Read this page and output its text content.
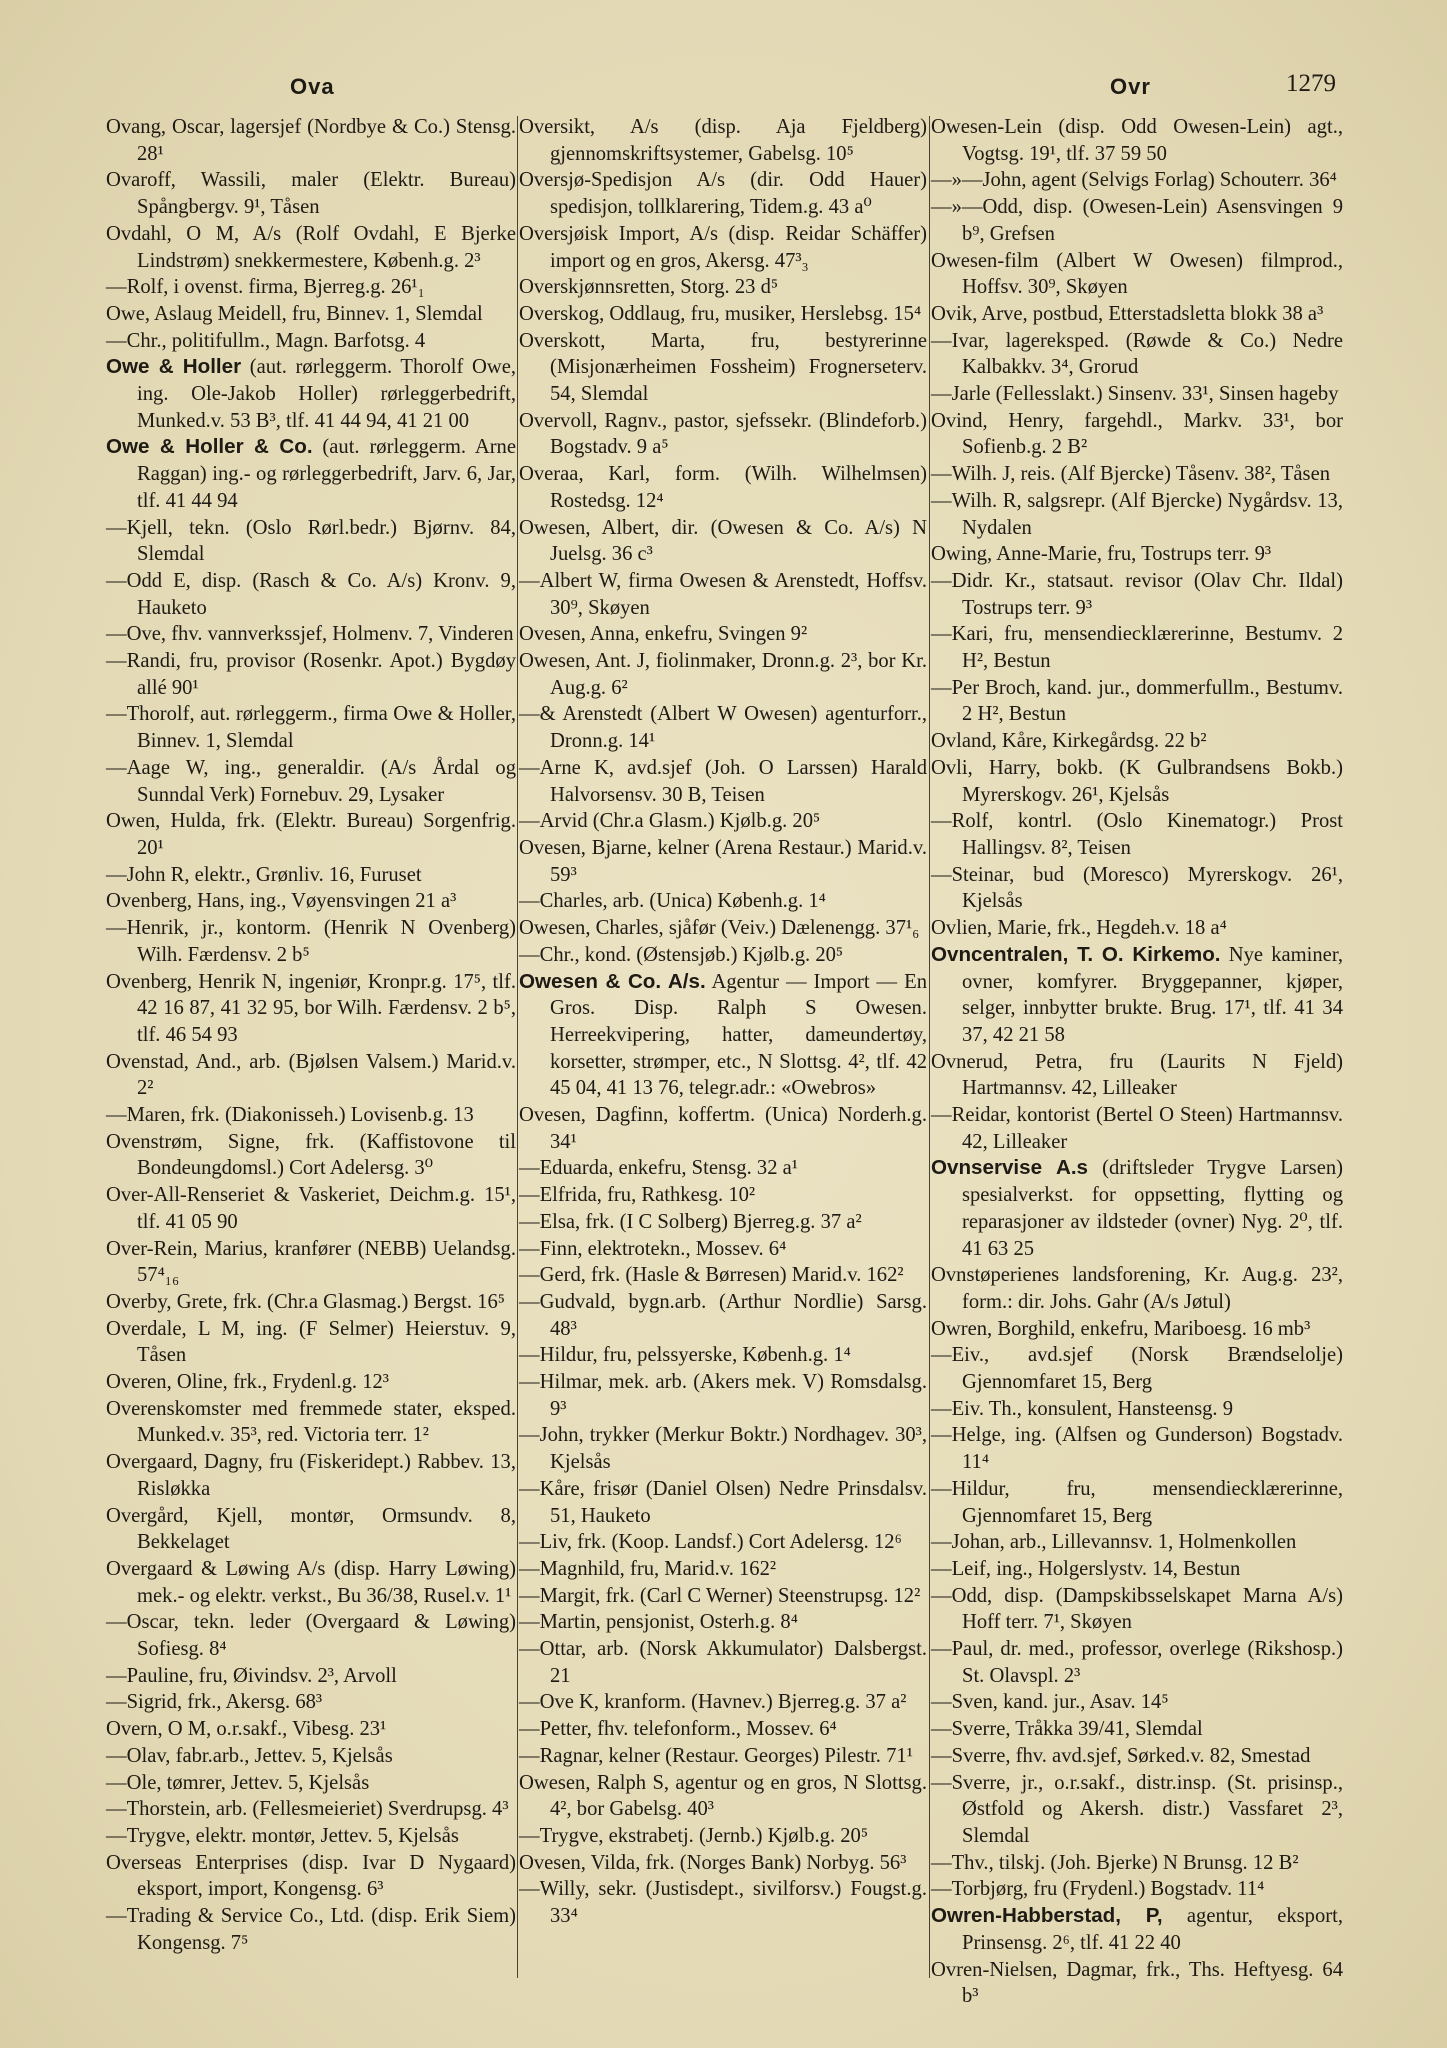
Ova	Ovr	1279
Ovang, Oscar, lagersjef (Nordbye & Co.) Stensg. 28¹
Ovaroff, Wassili, maler (Elektr. Bureau) Spångbergv. 9¹, Tåsen
Ovdahl, O M, A/s (Rolf Ovdahl, E Bjerke Lindstrøm) snekkermestere, Københ.g. 2³
—Rolf, i ovenst. firma, Bjerreg.g. 26¹₁
Owe, Aslaug Meidell, fru, Binnev. 1, Slemdal
—Chr., politifullm., Magn. Barfotsg. 4
Owe & Holler (aut. rørleggerm. Thorolf Owe, ing. Ole-Jakob Holler) rørleggerbedrift, Munked.v. 53 B³, tlf. 41 44 94, 41 21 00
Owe & Holler & Co. (aut. rørleggerm. Arne Raggan) ing.- og rørleggerbedrift, Jarv. 6, Jar, tlf. 41 44 94
—Kjell, tekn. (Oslo Rørl.bedr.) Bjørnv. 84, Slemdal
—Odd E, disp. (Rasch & Co. A/s) Kronv. 9, Hauketo
—Ove, fhv. vannverkssjef, Holmenv. 7, Vinderen
—Randi, fru, provisor (Rosenkr. Apot.) Bygdøy allé 90¹
—Thorolf, aut. rørleggerm., firma Owe & Holler, Binnev. 1, Slemdal
—Aage W, ing., generaldir. (A/s Årdal og Sunndal Verk) Fornebuv. 29, Lysaker
Owen, Hulda, frk. (Elektr. Bureau) Sorgenfrig. 20¹
—John R, elektr., Grønliv. 16, Furuset
Ovenberg, Hans, ing., Vøyensvingen 21 a³
—Henrik, jr., kontorm. (Henrik N Ovenberg) Wilh. Færdensv. 2 b⁵
Ovenberg, Henrik N, ingeniør, Kronpr.g. 17⁵, tlf. 42 16 87, 41 32 95, bor Wilh. Færdensv. 2 b⁵, tlf. 46 54 93
Ovenstad, And., arb. (Bjølsen Valsem.) Marid.v. 2²
—Maren, frk. (Diakonisseh.) Lovisenb.g. 13
Ovenstrøm, Signe, frk. (Kaffistovone til Bondeungdomsl.) Cort Adelersg. 3⁰
Over-All-Renseriet & Vaskeriet, Deichm.g. 15¹, tlf. 41 05 90
Over-Rein, Marius, kranfører (NEBB) Uelandsg. 57⁴₁₆
Overby, Grete, frk. (Chr.a Glasmag.) Bergst. 16⁵
Overdale, L M, ing. (F Selmer) Heierstuv. 9, Tåsen
Overen, Oline, frk., Frydenl.g. 12³
Overenskomster med fremmede stater, eksped. Munked.v. 35³, red. Victoria terr. 1²
Overgaard, Dagny, fru (Fiskeridept.) Rabbev. 13, Risløkka
Overgård, Kjell, montør, Ormsundv. 8, Bekkelaget
Overgaard & Løwing A/s (disp. Harry Løwing) mek.- og elektr. verkst., Bu 36/38, Rusel.v. 1¹
—Oscar, tekn. leder (Overgaard & Løwing) Sofiesg. 8⁴
—Pauline, fru, Øivindsv. 2³, Arvoll
—Sigrid, frk., Akersg. 68³
Overn, O M, o.r.sakf., Vibesg. 23¹
—Olav, fabr.arb., Jettev. 5, Kjelsås
—Ole, tømrer, Jettev. 5, Kjelsås
—Thorstein, arb. (Fellesmeieriet) Sverdrupsg. 4³
—Trygve, elektr. montør, Jettev. 5, Kjelsås
Overseas Enterprises (disp. Ivar D Nygaard) eksport, import, Kongensg. 6³
—Trading & Service Co., Ltd. (disp. Erik Siem) Kongensg. 7⁵
Oversikt, A/s (disp. Aja Fjeldberg) gjennomskriftsystemer, Gabelsg. 10⁵
Oversjø-Spedisjon A/s (dir. Odd Hauer) spedisjon, tollklarering, Tidem.g. 43 a⁰
Oversjøisk Import, A/s (disp. Reidar Schäffer) import og en gros, Akersg. 47³₃
Overskjønnsretten, Storg. 23 d⁵
Overskog, Oddlaug, fru, musiker, Herslebsg. 15⁴
Overskott, Marta, fru, bestyrerinne (Misjonærheimen Fossheim) Frognerseterv. 54, Slemdal
Overvoll, Ragnv., pastor, sjefssekr. (Blindeforb.) Bogstadv. 9 a⁵
Overaa, Karl, form. (Wilh. Wilhelmsen) Rostedsg. 12⁴
Owesen, Albert, dir. (Owesen & Co. A/s) N Juelsg. 36 c³
—Albert W, firma Owesen & Arenstedt, Hoffsv. 30⁹, Skøyen
Ovesen, Anna, enkefru, Svingen 9²
Owesen, Ant. J, fiolinmaker, Dronn.g. 2³, bor Kr. Aug.g. 6²
—& Arenstedt (Albert W Owesen) agenturforr., Dronn.g. 14¹
—Arne K, avd.sjef (Joh. O Larssen) Harald Halvorsensv. 30 B, Teisen
—Arvid (Chr.a Glasm.) Kjølb.g. 20⁵
Ovesen, Bjarne, kelner (Arena Restaur.) Marid.v. 59³
—Charles, arb. (Unica) Københ.g. 1⁴
Owesen, Charles, sjåfør (Veiv.) Dælenengg. 37¹₆
—Chr., kond. (Østensjøb.) Kjølb.g. 20⁵
Owesen & Co. A/s. Agentur — Import — En Gros. Disp. Ralph S Owesen. Herreekvipering, hatter, dameundertøy, korsetter, strømper, etc., N Slottsg. 4², tlf. 42 45 04, 41 13 76, telegr.adr.: «Owebros»
Ovesen, Dagfinn, koffertm. (Unica) Norderh.g. 34¹
—Eduarda, enkefru, Stensg. 32 a¹
—Elfrida, fru, Rathkesg. 10²
—Elsa, frk. (I C Solberg) Bjerreg.g. 37 a²
—Finn, elektrotekn., Mossev. 6⁴
—Gerd, frk. (Hasle & Børresen) Marid.v. 162²
—Gudvald, bygn.arb. (Arthur Nordlie) Sarsg. 48³
—Hildur, fru, pelssyerske, Københ.g. 1⁴
—Hilmar, mek. arb. (Akers mek. V) Romsdalsg. 9³
—John, trykker (Merkur Boktr.) Nordhagev. 30³, Kjelsås
—Kåre, frisør (Daniel Olsen) Nedre Prinsdalsv. 51, Hauketo
—Liv, frk. (Koop. Landsf.) Cort Adelersg. 12⁶
—Magnhild, fru, Marid.v. 162²
—Margit, frk. (Carl C Werner) Steenstrupsg. 12²
—Martin, pensjonist, Osterh.g. 8⁴
—Ottar, arb. (Norsk Akkumulator) Dalsbergst. 21
—Ove K, kranform. (Havnev.) Bjerreg.g. 37 a²
—Petter, fhv. telefonform., Mossev. 6⁴
—Ragnar, kelner (Restaur. Georges) Pilestr. 71¹
Owesen, Ralph S, agentur og en gros, N Slottsg. 4², bor Gabelsg. 40³
—Trygve, ekstrabetj. (Jernb.) Kjølb.g. 20⁵
Ovesen, Vilda, frk. (Norges Bank) Norbyg. 56³
—Willy, sekr. (Justisdept., sivilforsv.) Fougst.g. 33⁴
Owesen-Lein (disp. Odd Owesen-Lein) agt., Vogtsg. 19¹, tlf. 37 59 50
—»—John, agent (Selvigs Forlag) Schouterr. 36⁴
—»—Odd, disp. (Owesen-Lein) Asensvingen 9 b⁹, Grefsen
Owesen-film (Albert W Owesen) filmprod., Hoffsv. 30⁹, Skøyen
Ovik, Arve, postbud, Etterstadsletta blokk 38 a³
—Ivar, lagereksped. (Røwde & Co.) Nedre Kalbakkv. 3⁴, Grorud
—Jarle (Fellesslakt.) Sinsenv. 33¹, Sinsen hageby
Ovind, Henry, fargehdl., Markv. 33¹, bor Sofienb.g. 2 B²
—Wilh. J, reis. (Alf Bjercke) Tåsenv. 38², Tåsen
—Wilh. R, salgsrepr. (Alf Bjercke) Nygårdsv. 13, Nydalen
Owing, Anne-Marie, fru, Tostrups terr. 9³
—Didr. Kr., statsaut. revisor (Olav Chr. Ildal) Tostrups terr. 9³
—Kari, fru, mensendiecklærerinne, Bestumv. 2 H², Bestun
—Per Broch, kand. jur., dommerfullm., Bestumv. 2 H², Bestun
Ovland, Kåre, Kirkegårdsg. 22 b²
Ovli, Harry, bokb. (K Gulbrandsens Bokb.) Myrerskogv. 26¹, Kjelsås
—Rolf, kontrl. (Oslo Kinematogr.) Prost Hallingsv. 8², Teisen
—Steinar, bud (Moresco) Myrerskogv. 26¹, Kjelsås
Ovlien, Marie, frk., Hegdeh.v. 18 a⁴
Ovncentralen, T. O. Kirkemo. Nye kaminer, ovner, komfyrer. Bryggepanner, kjøper, selger, innbytter brukte. Brug. 17¹, tlf. 41 34 37, 42 21 58
Ovnerud, Petra, fru (Laurits N Fjeld) Hartmannsv. 42, Lilleaker
—Reidar, kontorist (Bertel O Steen) Hartmannsv. 42, Lilleaker
Ovnservise A.s (driftsleder Trygve Larsen) spesialverkst. for oppsetting, flytting og reparasjoner av ildsteder (ovner) Nyg. 2⁰, tlf. 41 63 25
Ovnstøperienes landsforening, Kr. Aug.g. 23², form.: dir. Johs. Gahr (A/s Jøtul)
Owren, Borghild, enkefru, Mariboesg. 16 mb³
—Eiv., avd.sjef (Norsk Brændselolje) Gjennomfaret 15, Berg
—Eiv. Th., konsulent, Hansteensg. 9
—Helge, ing. (Alfsen og Gunderson) Bogstadv. 11⁴
—Hildur, fru, mensendiecklærerinne, Gjennomfaret 15, Berg
—Johan, arb., Lillevannsv. 1, Holmenkollen
—Leif, ing., Holgerslystv. 14, Bestun
—Odd, disp. (Dampskibsselskapet Marna A/s) Hoff terr. 7¹, Skøyen
—Paul, dr. med., professor, overlege (Rikshosp.) St. Olavspl. 2³
—Sven, kand. jur., Asav. 14⁵
—Sverre, Tråkka 39/41, Slemdal
—Sverre, fhv. avd.sjef, Sørked.v. 82, Smestad
—Sverre, jr., o.r.sakf., distr.insp. (St. prisinsp., Østfold og Akersh. distr.) Vassfaret 2³, Slemdal
—Thv., tilskj. (Joh. Bjerke) N Brunsg. 12 B²
—Torbjørg, fru (Frydenl.) Bogstadv. 11⁴
Owren-Habberstad, P, agentur, eksport, Prinsensg. 2⁶, tlf. 41 22 40
Ovren-Nielsen, Dagmar, frk., Ths. Heftyesg. 64 b³
